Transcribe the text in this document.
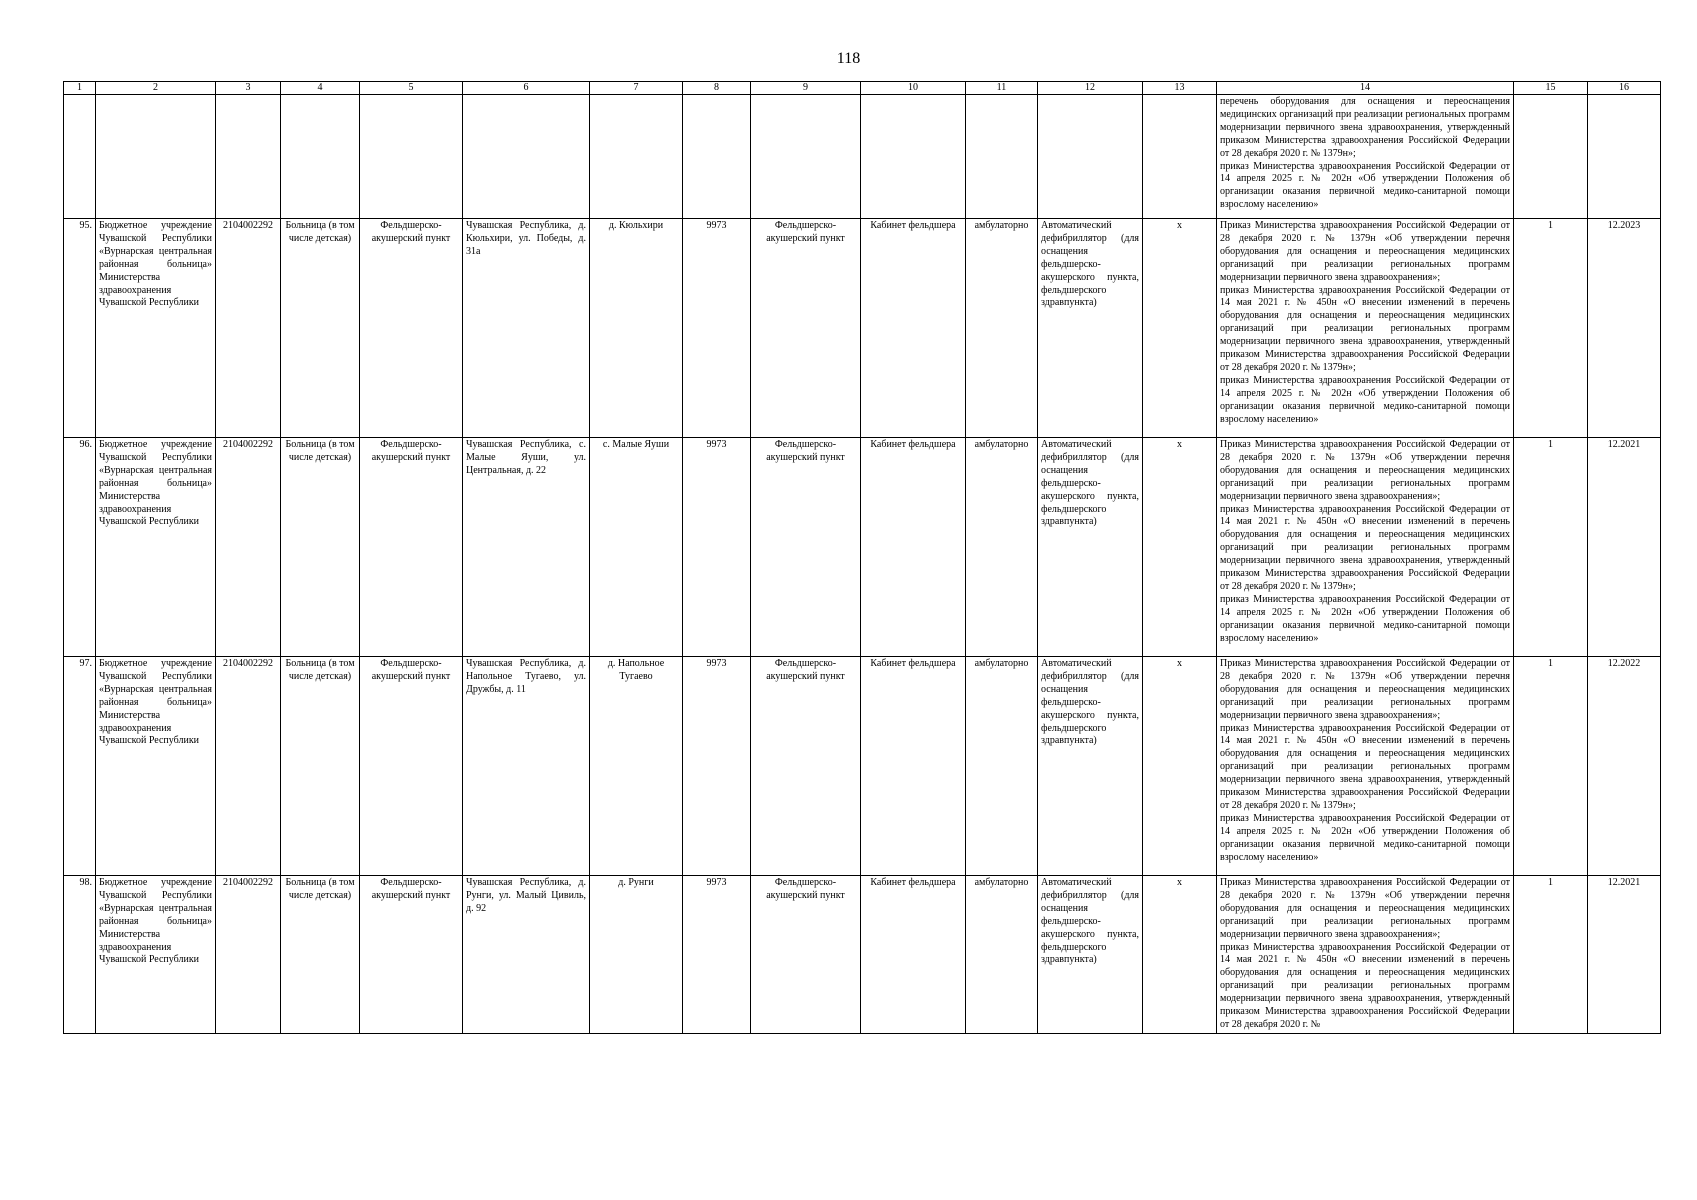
118
1	2	3	4	5	6	7	8	9	10	11	12	13	14	15	16

													перечень оборудования для оснащения и переоснащения медицинских организаций при реализации региональных программ модернизации первичного звена здравоохранения, утвержденный приказом Министерства здравоохранения Российской Федерации от 28 декабря 2020 г. № 1379н»;

приказ Министерства здравоохранения Российской Федерации от 14 апреля 2025 г. № 202н «Об утверждении Положения об организации оказания первичной медико-санитарной помощи взрослому населению»		

95.	Бюджетное учреждение Чувашской Республики «Вурнарская центральная районная больница» Министерства здравоохранения Чувашской Республики	2104002292	Больница (в том числе детская)	Фельдшерско-акушерский пункт	Чувашская Республика, д. Кюльхири, ул. Победы, д. 31а	д. Кюльхири	9973	Фельдшерско-акушерский пункт	Кабинет фельдшера	амбулаторно	Автоматический дефибриллятор (для оснащения фельдшерско-акушерского пункта, фельдшерского здравпункта)	x	Приказ Министерства здравоохранения Российской Федерации от 28 декабря 2020 г. № 1379н «Об утверждении перечня оборудования для оснащения и переоснащения медицинских организаций при реализации региональных программ модернизации первичного звена здравоохранения»;

приказ Министерства здравоохранения Российской Федерации от 14 мая 2021 г. № 450н «О внесении изменений в перечень оборудования для оснащения и переоснащения медицинских организаций при реализации региональных программ модернизации первичного звена здравоохранения, утвержденный приказом Министерства здравоохранения Российской Федерации от 28 декабря 2020 г. № 1379н»;

приказ Министерства здравоохранения Российской Федерации от 14 апреля 2025 г. № 202н «Об утверждении Положения об организации оказания первичной медико-санитарной помощи взрослому населению»	1	12.2023
96.	Бюджетное учреждение Чувашской Республики «Вурнарская центральная районная больница» Министерства здравоохранения Чувашской Республики	2104002292	Больница (в том числе детская)	Фельдшерско-акушерский пункт	Чувашская Республика, с. Малые Яуши, ул. Центральная, д. 22	с. Малые Яуши	9973	Фельдшерско-акушерский пункт	Кабинет фельдшера	амбулаторно	Автоматический дефибриллятор (для оснащения фельдшерско-акушерского пункта, фельдшерского здравпункта)	x	Приказ Министерства здравоохранения Российской Федерации от 28 декабря 2020 г. № 1379н «Об утверждении перечня оборудования для оснащения и переоснащения медицинских организаций при реализации региональных программ модернизации первичного звена здравоохранения»;

приказ Министерства здравоохранения Российской Федерации от 14 мая 2021 г. № 450н «О внесении изменений в перечень оборудования для оснащения и переоснащения медицинских организаций при реализации региональных программ модернизации первичного звена здравоохранения, утвержденный приказом Министерства здравоохранения Российской Федерации от 28 декабря 2020 г. № 1379н»;

приказ Министерства здравоохранения Российской Федерации от 14 апреля 2025 г. № 202н «Об утверждении Положения об организации оказания первичной медико-санитарной помощи взрослому населению»	1	12.2021
97.	Бюджетное учреждение Чувашской Республики «Вурнарская центральная районная больница» Министерства здравоохранения Чувашской Республики	2104002292	Больница (в том числе детская)	Фельдшерско-акушерский пункт	Чувашская Республика, д. Напольное Тугаево, ул. Дружбы, д. 11	д. Напольное Тугаево	9973	Фельдшерско-акушерский пункт	Кабинет фельдшера	амбулаторно	Автоматический дефибриллятор (для оснащения фельдшерско-акушерского пункта, фельдшерского здравпункта)	x	Приказ Министерства здравоохранения Российской Федерации от 28 декабря 2020 г. № 1379н «Об утверждении перечня оборудования для оснащения и переоснащения медицинских организаций при реализации региональных программ модернизации первичного звена здравоохранения»;

приказ Министерства здравоохранения Российской Федерации от 14 мая 2021 г. № 450н «О внесении изменений в перечень оборудования для оснащения и переоснащения медицинских организаций при реализации региональных программ модернизации первичного звена здравоохранения, утвержденный приказом Министерства здравоохранения Российской Федерации от 28 декабря 2020 г. № 1379н»;

приказ Министерства здравоохранения Российской Федерации от 14 апреля 2025 г. № 202н «Об утверждении Положения об организации оказания первичной медико-санитарной помощи взрослому населению»	1	12.2022
98.	Бюджетное учреждение Чувашской Республики «Вурнарская центральная районная больница» Министерства здравоохранения Чувашской Республики	2104002292	Больница (в том числе детская)	Фельдшерско-акушерский пункт	Чувашская Республика, д. Рунги, ул. Малый Цивиль, д. 92	д. Рунги	9973	Фельдшерско-акушерский пункт	Кабинет фельдшера	амбулаторно	Автоматический дефибриллятор (для оснащения фельдшерско-акушерского пункта, фельдшерского здравпункта)	x	Приказ Министерства здравоохранения Российской Федерации от 28 декабря 2020 г. № 1379н «Об утверждении перечня оборудования для оснащения и переоснащения медицинских организаций при реализации региональных программ модернизации первичного звена здравоохранения»;

приказ Министерства здравоохранения Российской Федерации от 14 мая 2021 г. № 450н «О внесении изменений в перечень оборудования для оснащения и переоснащения медицинских организаций при реализации региональных программ модернизации первичного звена здравоохранения, утвержденный приказом Министерства здравоохранения Российской Федерации от 28 декабря 2020 г. №	1	12.2021
